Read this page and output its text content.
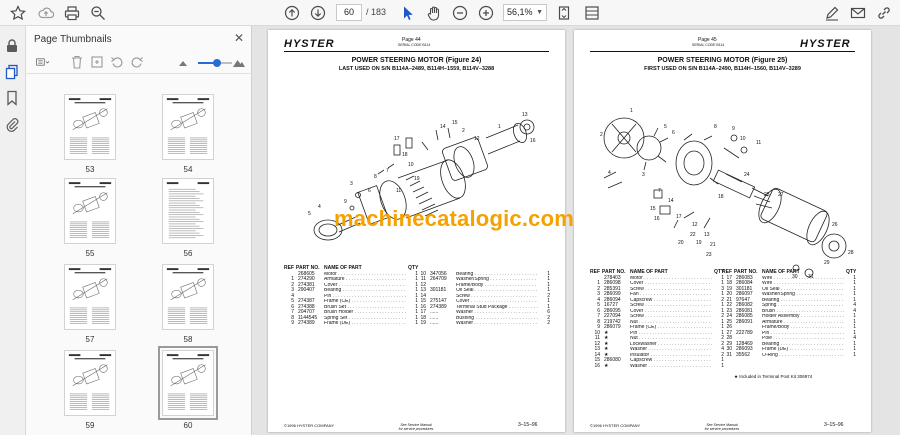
60	/ 183	56,1% ▼
Page Thumbnails	✕
53	54
55	56
57	58
59	60
HYSTER	Page 44
SERIAL CODE B114
POWER STEERING MOTOR (Figure 24)
LAST USED ON S/N B114A–2489, B114H–1559, B114V–3288
5
4
3
9
8
7
6	11
10
19
18
17
14
15
2
12
1
13
16
REF PART NO. NAME OF PART	QTY
268605	Motor . . .	1
1 274290	Armature . . .	1
2 274381	Cover . . .	1
3 290407	Bearing . . .	1
4	Pin . . .	1
5 274387	Frame (CE) . . .	1
6 274388	Brush Set . . .	1
7 204707	Brush Holder . . .	1
8 1144545	Spring Set . . .	1
9 274389	Frame (DE) . . .	1
10 347056	Bearing . . .	1
11 264709	Washer/Spring . . .	1
12	Frame/Body . . .	1
13 301181	Oil Seal . . .	1
14	Screw . . .	2
15 275147	Cover . . .	1
16 274389	Terminal Stud Package . . .	1
17 ......	Washer . . .	6
18 ......	Bushing . . .	2
19 ......	Washer . . .	2
©1996 HYSTER COMPANY	See Service Manual
for service procedures
3–15–96
Page 45
SERIAL CODE B114	HYSTER
POWER STEERING MOTOR (Figure 25)
FIRST USED ON S/N B114A–2490, B114H–1560, B114V–3289
1
2
4	3
5
6
7
14
15
16	17
8	9
10
11
18
12
13
19
20	21
22
23
24
25 27
26
28
29
30 31
REF PART NO. NAME OF PART	QTY
278403	Motor . . .	1
1 286098	Cover . . .	1
2 285391	Screw . . .	3
3 286099	Fan . . .	1
4 286094	Capscrew . . .	2
5 16727	Screw . . .	1
6 286095	Cover . . .	1
7 227094	Screw . . .	2
8 219742	Nut . . .	1
9 286079	Frame (CE) . . .	1
10 ★	Pin . . .	1
11 ★	Nut . . .	2
12 ★	Lockwasher . . .	2
13 ★	Washer . . .	4
14 ★	Insulator . . .	2
15 286080	Capscrew . . .	1
16 ★	Washer . . .	1
REF PART NO. NAME OF PART	QTY
17 286083	Wire . . .	1
18 286084	Wire . . .	1
19 301181	Oil Seal . . .	1
20 286097	Washer/Spring . . .	1
21 97647	Bearing . . .	1
22 286082	Spring . . .	4
23 286081	Brush . . .	4
24 286085	Holder Assembly . . .	1
25 286091	Armature . . .	1
26	Frame/Body . . .	1
27 222789	Pin . . .	1
28	Pole . . .	4
29 128469	Bearing . . .	1
30 286093	Frame (DE) . . .	1
31 35562	O-Ring . . .	1
★ Included in Terminal Post Kit 306974
©1996 HYSTER COMPANY	See Service Manual
for service procedures
3–15–96
machinecatalogic.com
